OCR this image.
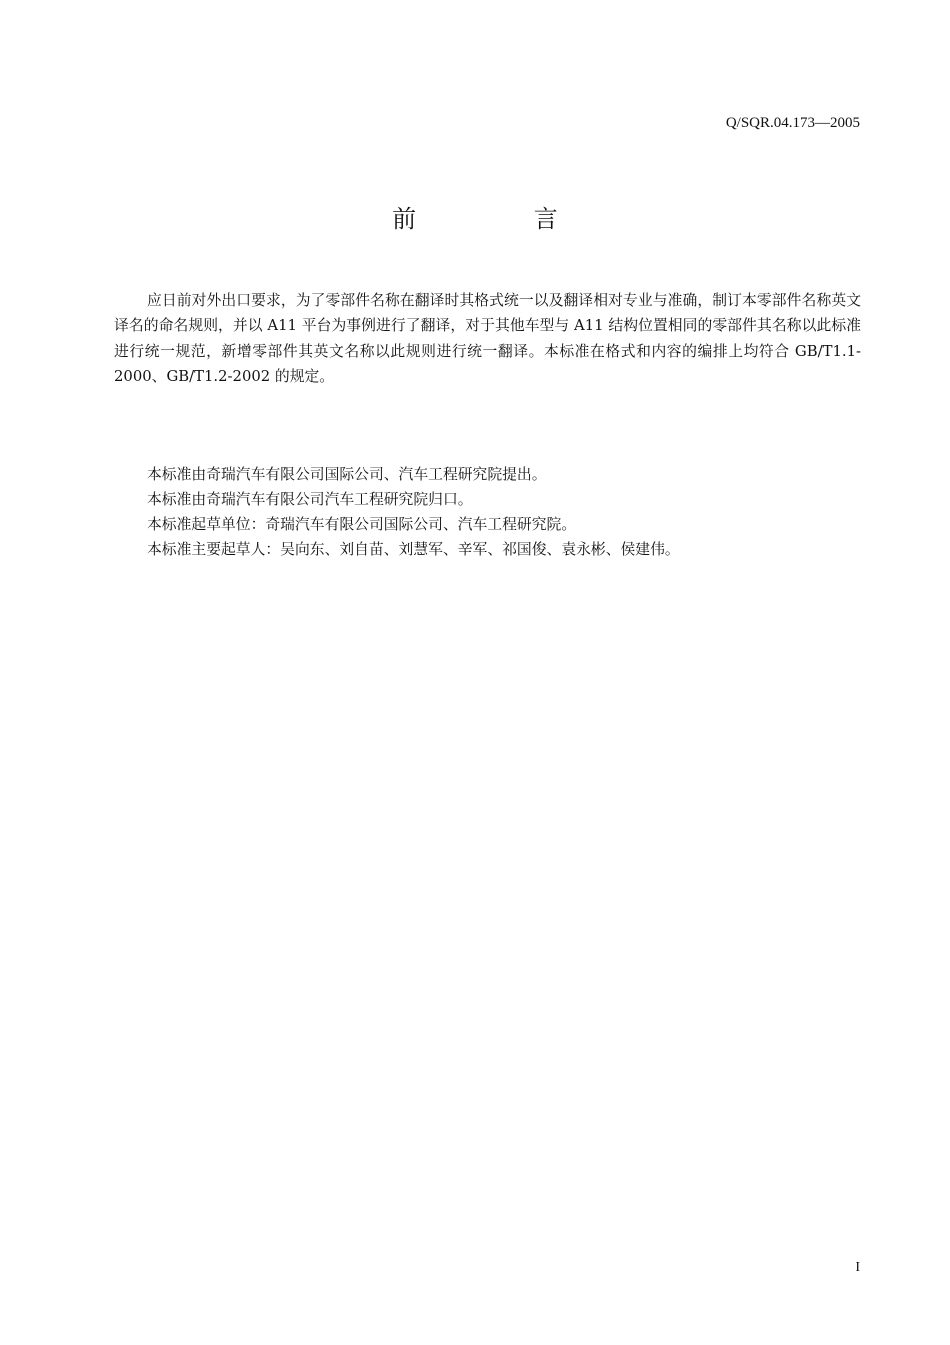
Q/SQR.04.173—2005
前 言

应日前对外出口要求，为了零部件名称在翻译时其格式统一以及翻译相对专业与准确，制订本零部件名称英文译名的命名规则，并以 A11 平台为事例进行了翻译，对于其他车型与 A11 结构位置相同的零部件其名称以此标准进行统一规范，新增零部件其英文名称以此规则进行统一翻译。本标准在格式和内容的编排上均符合 GB/T1.1-2000、GB/T1.2-2002 的规定。

本标准由奇瑞汽车有限公司国际公司、汽车工程研究院提出。
本标准由奇瑞汽车有限公司汽车工程研究院归口。
本标准起草单位：奇瑞汽车有限公司国际公司、汽车工程研究院。
本标准主要起草人：吴向东、刘自苗、刘慧军、辛军、祁国俊、袁永彬、侯建伟。
I
